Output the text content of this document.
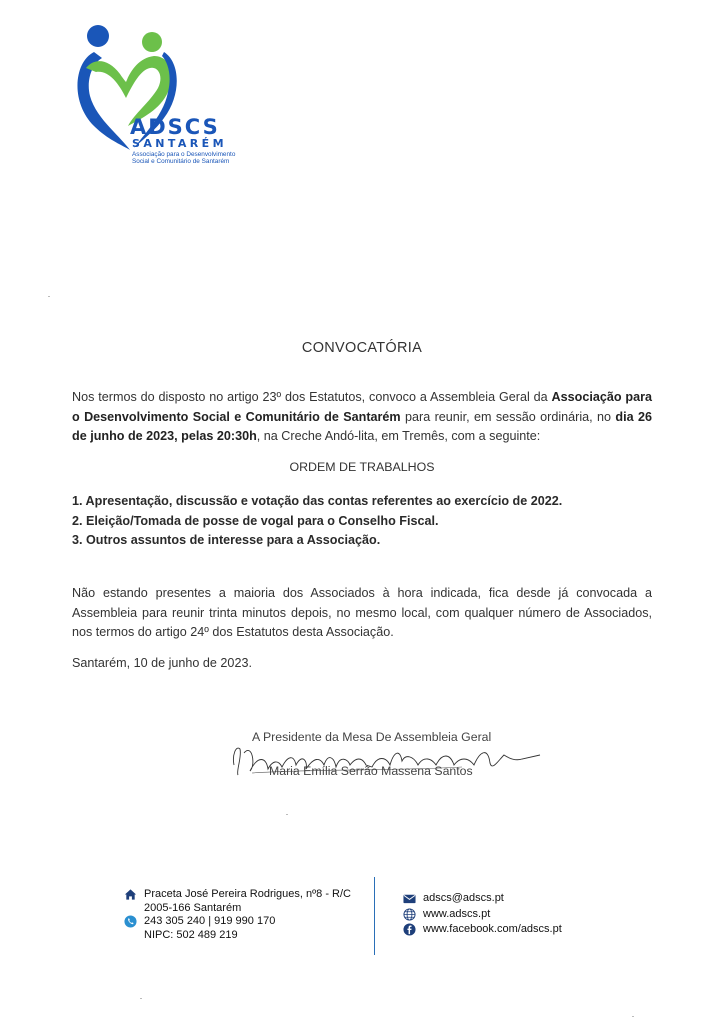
ADSCS

SANTARÉM

Associação para o Desenvolvimento
Social e Comunitário de Santarém
CONVOCATÓRIA

Nos termos do disposto no artigo 23º dos Estatutos, convoco a Assembleia Geral da Associação para o Desenvolvimento Social e Comunitário de Santarém para reunir, em sessão ordinária, no dia 26 de junho de 2023, pelas 20:30h, na Creche Andó-lita, em Tremês, com a seguinte:

ORDEM DE TRABALHOS
1. Apresentação, discussão e votação das contas referentes ao exercício de 2022.
2. Eleição/Tomada de posse de vogal para o Conselho Fiscal.
3. Outros assuntos de interesse para a Associação.

Não estando presentes a maioria dos Associados à hora indicada, fica desde já convocada a Assembleia para reunir trinta minutos depois, no mesmo local, com qualquer número de Associados, nos termos do artigo 24º dos Estatutos desta Associação.

Santarém, 10 de junho de 2023.
A Presidente da Mesa De Assembleia Geral
Maria Emília Serrão Massena Santos
Praceta José Pereira Rodrigues, nº8 - R/C
2005-166 Santarém
243 305 240 | 919 990 170
NIPC: 502 489 219
adscs@adscs.pt
www.adscs.pt
www.facebook.com/adscs.pt
